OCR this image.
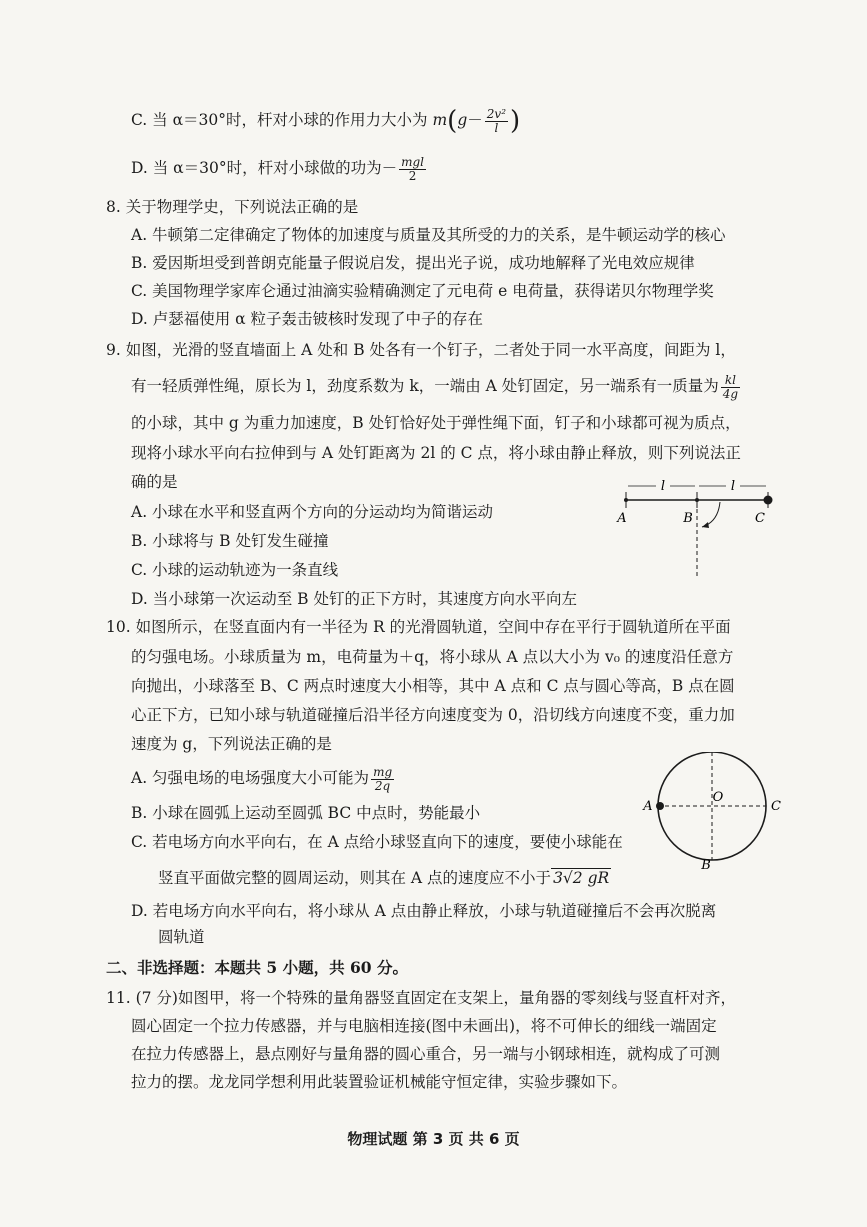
C. 当 α＝30°时，杆对小球的作用力大小为 $m(g- \frac{\text{2v²}}{l}$ )
D. 当 α＝30°时，杆对小球做的功为－ $\frac{\text{mgl}}{2}$
8. 关于物理学史，下列说法正确的是
A. 牛顿第二定律确定了物体的加速度与质量及其所受的力的关系，是牛顿运动学的核心
B. 爱因斯坦受到普朗克能量子假说启发，提出光子说，成功地解释了光电效应规律
C. 美国物理学家库仑通过油滴实验精确测定了元电荷 e 电荷量，获得诺贝尔物理学奖
D. 卢瑟福使用 α 粒子轰击铍核时发现了中子的存在
9. 如图，光滑的竖直墙面上 A 处和 B 处各有一个钉子，二者处于同一水平高度，间距为 l，
有一轻质弹性绳，原长为 l，劲度系数为 k，一端由 A 处钉固定，另一端系有一质量为 $\frac{kl}{4g}$
的小球，其中 g 为重力加速度，B 处钉恰好处于弹性绳下面，钉子和小球都可视为质点，
现将小球水平向右拉伸到与 A 处钉距离为 2l 的 C 点，将小球由静止释放，则下列说法正
确的是
A. 小球在水平和竖直两个方向的分运动均为简谐运动
B. 小球将与 B 处钉发生碰撞
C. 小球的运动轨迹为一条直线
D. 当小球第一次运动至 B 处钉的正下方时，其速度方向水平向左
l	l
A	B	C
10. 如图所示，在竖直面内有一半径为 R 的光滑圆轨道，空间中存在平行于圆轨道所在平面
的匀强电场。小球质量为 m，电荷量为＋q，将小球从 A 点以大小为 v₀ 的速度沿任意方
向抛出，小球落至 B、C 两点时速度大小相等，其中 A 点和 C 点与圆心等高，B 点在圆
心正下方，已知小球与轨道碰撞后沿半径方向速度变为 0，沿切线方向速度不变，重力加
速度为 g，下列说法正确的是
A. 匀强电场的电场强度大小可能为 $\frac{mg}{2q}$
B. 小球在圆弧上运动至圆弧 BC 中点时，势能最小
C. 若电场方向水平向右，在 A 点给小球竖直向下的速度，要使小球能在
竖直平面做完整的圆周运动，则其在 A 点的速度应不小于 3√2 gR
D. 若电场方向水平向右，将小球从 A 点由静止释放，小球与轨道碰撞后不会再次脱离
圆轨道
A	C
O
B
二、非选择题：本题共 5 小题，共 60 分。
11. (7 分)如图甲，将一个特殊的量角器竖直固定在支架上，量角器的零刻线与竖直杆对齐，
圆心固定一个拉力传感器，并与电脑相连接(图中未画出)，将不可伸长的细线一端固定
在拉力传感器上，悬点刚好与量角器的圆心重合，另一端与小钢球相连，就构成了可测
拉力的摆。龙龙同学想利用此装置验证机械能守恒定律，实验步骤如下。
物理试题 第 3 页 共 6 页
